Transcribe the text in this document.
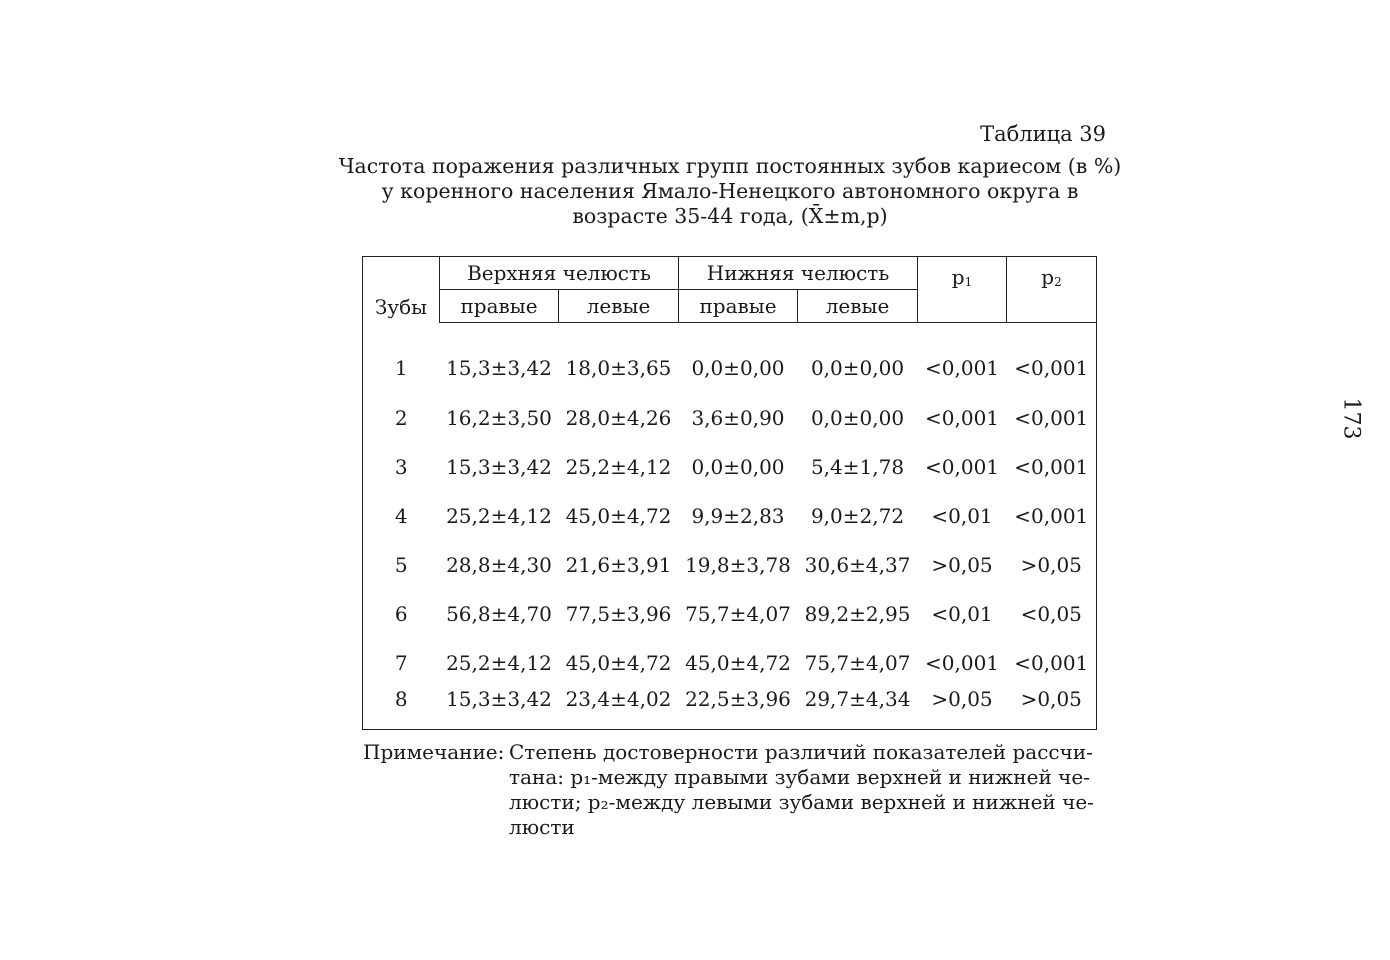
Таблица 39
Частота поражения различных групп постоянных зубов кариесом (в %)
у коренного населения Ямало-Ненецкого автономного округа в
возрасте 35-44 года, (X̄±m,p)
Зубы	Верхняя челюсть		Нижняя челюсть		$p_1$	$p_2$
	правые	левые	правые	левые		
1	15,3±3,42	18,0±3,65	0,0±0,00	0,0±0,00	<0,001	<0,001
2	16,2±3,50	28,0±4,26	3,6±0,90	0,0±0,00	<0,001	<0,001
3	15,3±3,42	25,2±4,12	0,0±0,00	5,4±1,78	<0,001	<0,001
4	25,2±4,12	45,0±4,72	9,9±2,83	9,0±2,72	<0,01	<0,001
5	28,8±4,30	21,6±3,91	19,8±3,78	30,6±4,37	>0,05	>0,05
6	56,8±4,70	77,5±3,96	75,7±4,07	89,2±2,95	<0,01	<0,05
7	25,2±4,12	45,0±4,72	45,0±4,72	75,7±4,07	<0,001	<0,001
8	15,3±3,42	23,4±4,02	22,5±3,96	29,7±4,34	>0,05	>0,05
Примечание: Степень достоверности различий показателей рассчи-
тана: p₁-между правыми зубами верхней и нижней че-
люсти; p₂-между левыми зубами верхней и нижней че-
люсти
173
